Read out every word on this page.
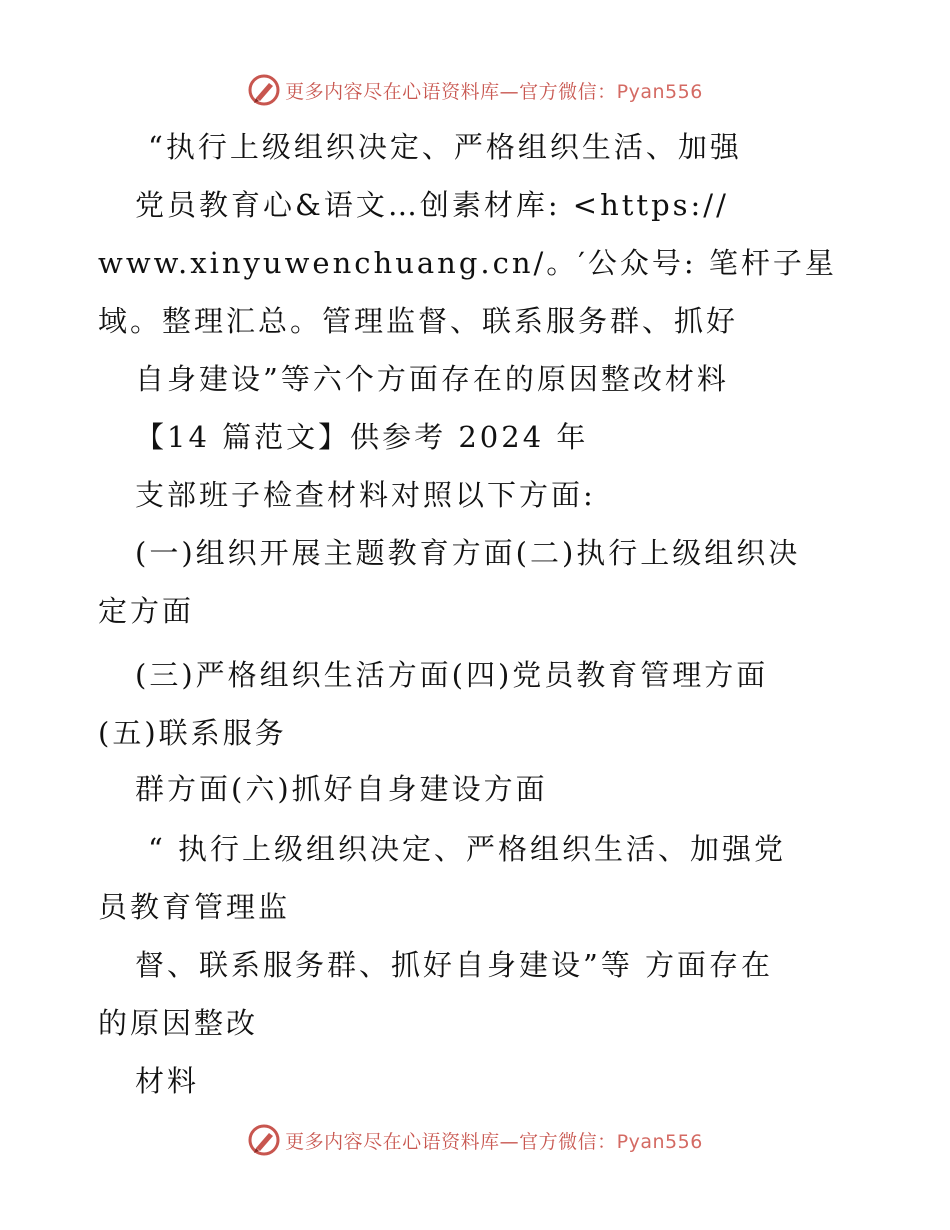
更多内容尽在心语资料库—官方微信：Pyan556
“执行上级组织决定、严格组织生活、加强
党员教育心&语文…创素材库: <https://
www.xinyuwenchuang.cn/。′公众号: 笔杆子星
域。整理汇总。管理监督、联系服务群、抓好
自身建设”等六个方面存在的原因整改材料
【14 篇范文】供参考 2024 年
支部班子检查材料对照以下方面:
(一)组织开展主题教育方面(二)执行上级组织决
定方面
(三)严格组织生活方面(四)党员教育管理方面
(五)联系服务
群方面(六)抓好自身建设方面
“ 执行上级组织决定、严格组织生活、加强党
员教育管理监
督、联系服务群、抓好自身建设”等 方面存在
的原因整改
材料
更多内容尽在心语资料库—官方微信：Pyan556
